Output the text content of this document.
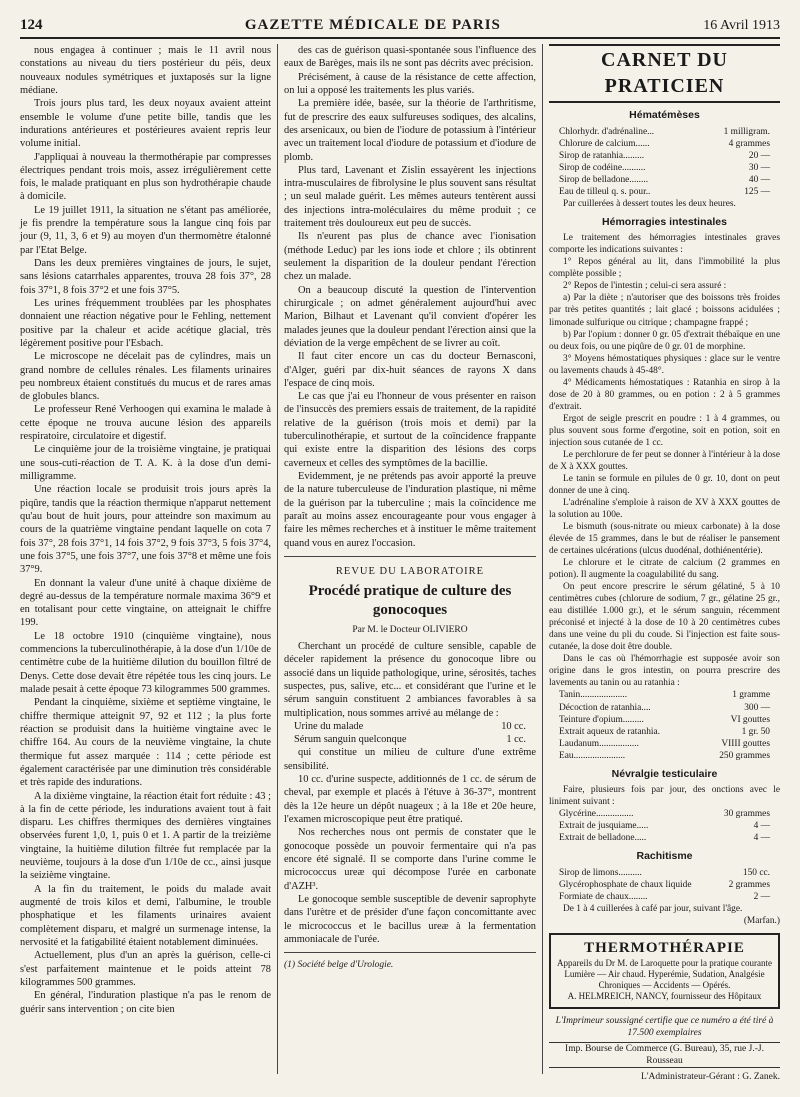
124	GAZETTE MÉDICALE DE PARIS	16 Avril 1913

nous engagea à continuer ; mais le 11 avril nous constations au niveau du tiers postérieur du péis, deux nouveaux nodules symétriques et juxtaposés sur la ligne médiane.

Trois jours plus tard, les deux noyaux avaient atteint ensemble le volume d'une petite bille, tandis que les indurations antérieures et postérieures avaient repris leur volume initial.

J'appliquai à nouveau la thermothérapie par compresses électriques pendant trois mois, assez irrégulièrement cette fois, le malade pratiquant en plus son hydrothérapie chaude à domicile.

Le 19 juillet 1911, la situation ne s'étant pas améliorée, je fis prendre la température sous la langue cinq fois par jour (9, 11, 3, 6 et 9) au moyen d'un thermomètre étalonné par l'Etat Belge.

Dans les deux premières vingtaines de jours, le sujet, sans lésions catarrhales apparentes, trouva 28 fois 37°, 28 fois 37°1, 8 fois 37°2 et une fois 37°5.

Les urines fréquemment troublées par les phosphates donnaient une réaction négative pour le Fehling, nettement positive par la chaleur et acide acétique glacial, très légèrement positive pour l'Esbach.

Le microscope ne décelait pas de cylindres, mais un grand nombre de cellules rénales. Les filaments urinaires peu nombreux étaient constitués du mucus et de rares amas de globules blancs.

Le professeur René Verhoogen qui examina le malade à cette époque ne trouva aucune lésion des appareils respiratoire, circulatoire et digestif.

Le cinquième jour de la troisième vingtaine, je pratiquai une sous-cuti-réaction de T. A. K. à la dose d'un demi-milligramme.

Une réaction locale se produisit trois jours après la piqûre, tandis que la réaction thermique n'apparut nettement qu'au bout de huit jours, pour atteindre son maximum au cours de la quatrième vingtaine pendant laquelle on cota 7 fois 37°, 28 fois 37°1, 14 fois 37°2, 9 fois 37°3, 5 fois 37°4, une fois 37°5, une fois 37°7, une fois 37°8 et même une fois 37°9.

En donnant la valeur d'une unité à chaque dixième de degré au-dessus de la température normale maxima 36°9 et en totalisant pour cette vingtaine, on atteignait le chiffre 199.

Le 18 octobre 1910 (cinquième vingtaine), nous commencions la tuberculinothérapie, à la dose d'un 1/10e de centimètre cube de la huitième dilution du bouillon filtré de Denys. Cette dose devait être répétée tous les cinq jours. Le malade pesait à cette époque 73 kilogrammes 500 grammes.

Pendant la cinquième, sixième et septième vingtaine, le chiffre thermique atteignit 97, 92 et 112 ; la plus forte réaction se produisit dans la huitième vingtaine avec le chiffre 164. Au cours de la neuvième vingtaine, la chute thermique fut assez marquée : 114 ; cette période est également caractérisée par une diminution très considérable et très rapide des indurations.

A la dixième vingtaine, la réaction était fort réduite : 43 ; à la fin de cette période, les indurations avaient tout à fait disparu. Les chiffres thermiques des dernières vingtaines observées furent 1,0, 1, puis 0 et 1. A partir de la treizième vingtaine, la huitième dilution filtrée fut remplacée par la neuvième, toujours à la dose d'un 1/10e de cc., ainsi jusque la seizième vingtaine.

A la fin du traitement, le poids du malade avait augmenté de trois kilos et demi, l'albumine, le trouble phosphatique et les filaments urinaires avaient complètement disparu, et malgré un surmenage intense, la nervosité et la fatigabilité étaient notablement diminuées.

Actuellement, plus d'un an après la guérison, celle-ci s'est parfaitement maintenue et le poids atteint 78 kilogrammes 500 grammes.

En général, l'induration plastique n'a pas le renom de guérir sans intervention ; on cite bien

des cas de guérison quasi-spontanée sous l'influence des eaux de Barèges, mais ils ne sont pas décrits avec précision.

Précisément, à cause de la résistance de cette affection, on lui a opposé les traitements les plus variés.

La première idée, basée, sur la théorie de l'arthritisme, fut de prescrire des eaux sulfureuses sodiques, des alcalins, des arsenicaux, ou bien de l'iodure de potassium à l'intérieur avec un traitement local d'iodure de potassium et d'iodure de plomb.

Plus tard, Lavenant et Zislin essayèrent les injections intra-musculaires de fibrolysine le plus souvent sans résultat ; un seul malade guérit. Les mêmes auteurs tentèrent aussi des injections intra-moléculaires du même produit ; ce traitement très douloureux eut peu de succès.

Ils n'eurent pas plus de chance avec l'ionisation (méthode Leduc) par les ions iode et chlore ; ils obtinrent seulement la disparition de la douleur pendant l'érection chez un malade.

On a beaucoup discuté la question de l'intervention chirurgicale ; on admet généralement aujourd'hui avec Marion, Bilhaut et Lavenant qu'il convient d'opérer les malades jeunes que la douleur pendant l'érection ainsi que la déviation de la verge empêchent de se livrer au coït.

Il faut citer encore un cas du docteur Bernasconi, d'Alger, guéri par dix-huit séances de rayons X dans l'espace de cinq mois.

Le cas que j'ai eu l'honneur de vous présenter en raison de l'insuccès des premiers essais de traitement, de la rapidité relative de la guérison (trois mois et demi) par la tuberculinothérapie, et surtout de la coïncidence frappante qui existe entre la disparition des lésions des corps caverneux et celles des symptômes de la bacillie.

Evidemment, je ne prétends pas avoir apporté la preuve de la nature tuberculeuse de l'induration plastique, ni même de la guérison par la tuberculine ; mais la coïncidence me paraît au moins assez encourageante pour vous engager à faire les mêmes recherches et à instituer le même traitement quand vous en aurez l'occasion.

REVUE DU LABORATOIRE
Procédé pratique de culture des gonocoques
Par M. le Docteur OLIVIERO

Cherchant un procédé de culture sensible, capable de déceler rapidement la présence du gonocoque libre ou associé dans un liquide pathologique, urine, sérosités, taches suspectes, pus, salive, etc... et considérant que l'urine et le sérum sanguin constituent 2 ambiances favorables à sa multiplication, nous sommes arrivé au mélange de :

Urine du malade	10 cc.
Sérum sanguin quelconque	1 cc.

qui constitue un milieu de culture d'une extrême sensibilité.

10 cc. d'urine suspecte, additionnés de 1 cc. de sérum de cheval, par exemple et placés à l'étuve à 36-37°, montrent dès la 12e heure un dépôt nuageux ; à la 18e et 20e heure, l'examen microscopique peut être pratiqué.

Nos recherches nous ont permis de constater que le gonocoque possède un pouvoir fermentaire qui n'a pas encore été signalé. Il se comporte dans l'urine comme le micrococcus ureæ qui décompose l'urée en carbonate d'AZH³.

Le gonocoque semble susceptible de devenir saprophyte dans l'urètre et de présider d'une façon concomittante avec le micrococcus et le bacillus ureæ à la fermentation ammoniacale de l'urée.

(1) Société belge d'Urologie.

CARNET DU PRATICIEN
Hématémèses
Chlorhydr. d'adrénaline...	1 milligram.
Chlorure de calcium......	4 grammes
Sirop de ratanhia.........	20 —
Sirop de codéine..........	30 —
Sirop de belladone........	40 —
Eau de tilleul q. s. pour..	125 —

Par cuillerées à dessert toutes les deux heures.

Hémorragies intestinales

Le traitement des hémorragies intestinales graves comporte les indications suivantes :

1° Repos général au lit, dans l'immobilité la plus complète possible ;

2° Repos de l'intestin ; celui-ci sera assuré :

a) Par la diète ; n'autoriser que des boissons très froides par très petites quantités ; lait glacé ; boissons acidulées ; limonade sulfurique ou citrique ; champagne frappé ;

b) Par l'opium : donner 0 gr. 05 d'extrait thébaïque en une ou deux fois, ou une piqûre de 0 gr. 01 de morphine.

3° Moyens hémostatiques physiques : glace sur le ventre ou lavements chauds à 45-48°.

4° Médicaments hémostatiques : Ratanhia en sirop à la dose de 20 à 80 grammes, ou en potion : 2 à 5 grammes d'extrait.

Ergot de seigle prescrit en poudre : 1 à 4 grammes, ou plus souvent sous forme d'ergotine, soit en potion, soit en injection sous cutanée de 1 cc.

Le perchlorure de fer peut se donner à l'intérieur à la dose de X à XXX gouttes.

Le tanin se formule en pilules de 0 gr. 10, dont on peut donner de une à cinq.

L'adrénaline s'emploie à raison de XV à XXX gouttes de la solution au 100e.

Le bismuth (sous-nitrate ou mieux carbonate) à la dose élevée de 15 grammes, dans le but de réaliser le pansement de certaines ulcérations (ulcus duodénal, dothiénentérie).

Le chlorure et le citrate de calcium (2 grammes en potion). Il augmente la coagulabilité du sang.

On peut encore prescrire le sérum gélatiné, 5 à 10 centimètres cubes (chlorure de sodium, 7 gr., gélatine 25 gr., eau distillée 1.000 gr.), et le sérum sanguin, récemment préconisé et injecté à la dose de 10 à 20 centimètres cubes dans une veine du pli du coude. Si l'injection est faite sous-cutanée, la dose doit être double.

Dans le cas où l'hémorrhagie est supposée avoir son origine dans le gros intestin, on pourra prescrire des lavements au tanin ou au ratanhia :

Tanin....................	1 gramme
Décoction de ratanhia....	300 —
Teinture d'opium.........	VI gouttes
Extrait aqueux de ratanhia.	1 gr. 50
Laudanum.................	VIIII gouttes
Eau......................	250 grammes
Névralgie testiculaire

Faire, plusieurs fois par jour, des onctions avec le liniment suivant :

Glycérine................	30 grammes
Extrait de jusquiame.....	4 —
Extrait de belladone.....	4 —
Rachitisme
Sirop de limons..........	150 cc.
Glycérophosphate de chaux liquide	2 grammes
Formiate de chaux........	2 —

De 1 à 4 cuillerées à café par jour, suivant l'âge.

(Marfan.)
THERMOTHÉRAPIE
Appareils du Dr M. de Laroquette pour la pratique courante
Lumière — Air chaud. Hyperémie, Sudation, Analgésie
Chroniques — Accidents — Opérés.
A. HELMREICH, NANCY, fournisseur des Hôpitaux
L'Imprimeur soussigné certifie que ce numéro a été tiré à 17.500 exemplaires
Imp. Bourse de Commerce (G. Bureau), 35, rue J.-J. Rousseau
L'Administrateur-Gérant : G. Zanek.
